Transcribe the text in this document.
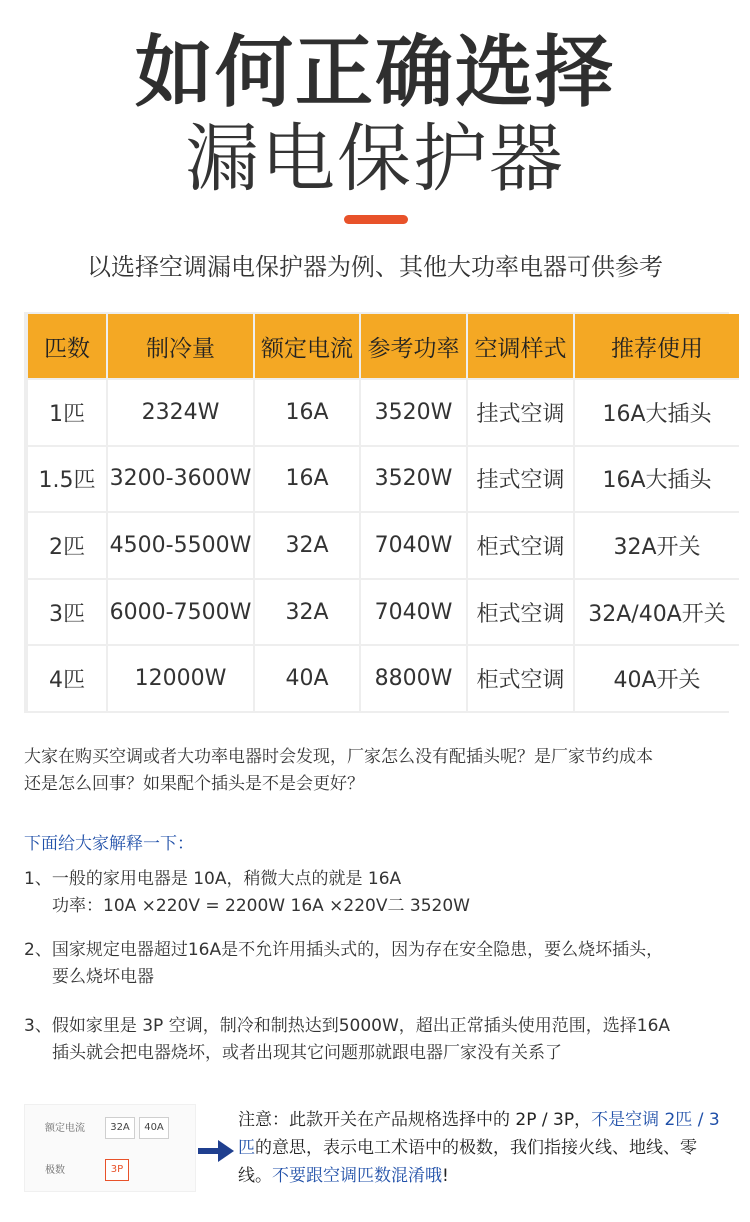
如何正确选择
漏电保护器
以选择空调漏电保护器为例、其他大功率电器可供参考
匹数	制冷量	额定电流	参考功率	空调样式	推荐使用
1匹	2324W	16A	3520W	挂式空调	16A大插头
1.5匹	3200-3600W	16A	3520W	挂式空调	16A大插头
2匹	4500-5500W	32A	7040W	柜式空调	32A开关
3匹	6000-7500W	32A	7040W	柜式空调	32A/40A开关
4匹	12000W	40A	8800W	柜式空调	40A开关
大家在购买空调或者大功率电器时会发现，厂家怎么没有配插头呢？是厂家节约成本
还是怎么回事？如果配个插头是不是会更好？
下面给大家解释一下：
1、一般的家用电器是 10A，稍微大点的就是 16A
功率：10A ×220V = 2200W 16A ×220V二 3520W
2、国家规定电器超过16A是不允许用插头式的，因为存在安全隐患，要么烧坏插头，
要么烧坏电器
3、假如家里是 3P 空调，制冷和制热达到5000W，超出正常插头使用范围，选择16A
插头就会把电器烧坏，或者出现其它问题那就跟电器厂家没有关系了
额定电流	32A	40A
极数	3P
注意：此款开关在产品规格选择中的 2P / 3P，不是空调 2匹 / 3 匹的意思，表示电工术语中的极数，我们指接火线、地线、零线。不要跟空调匹数混淆哦!
